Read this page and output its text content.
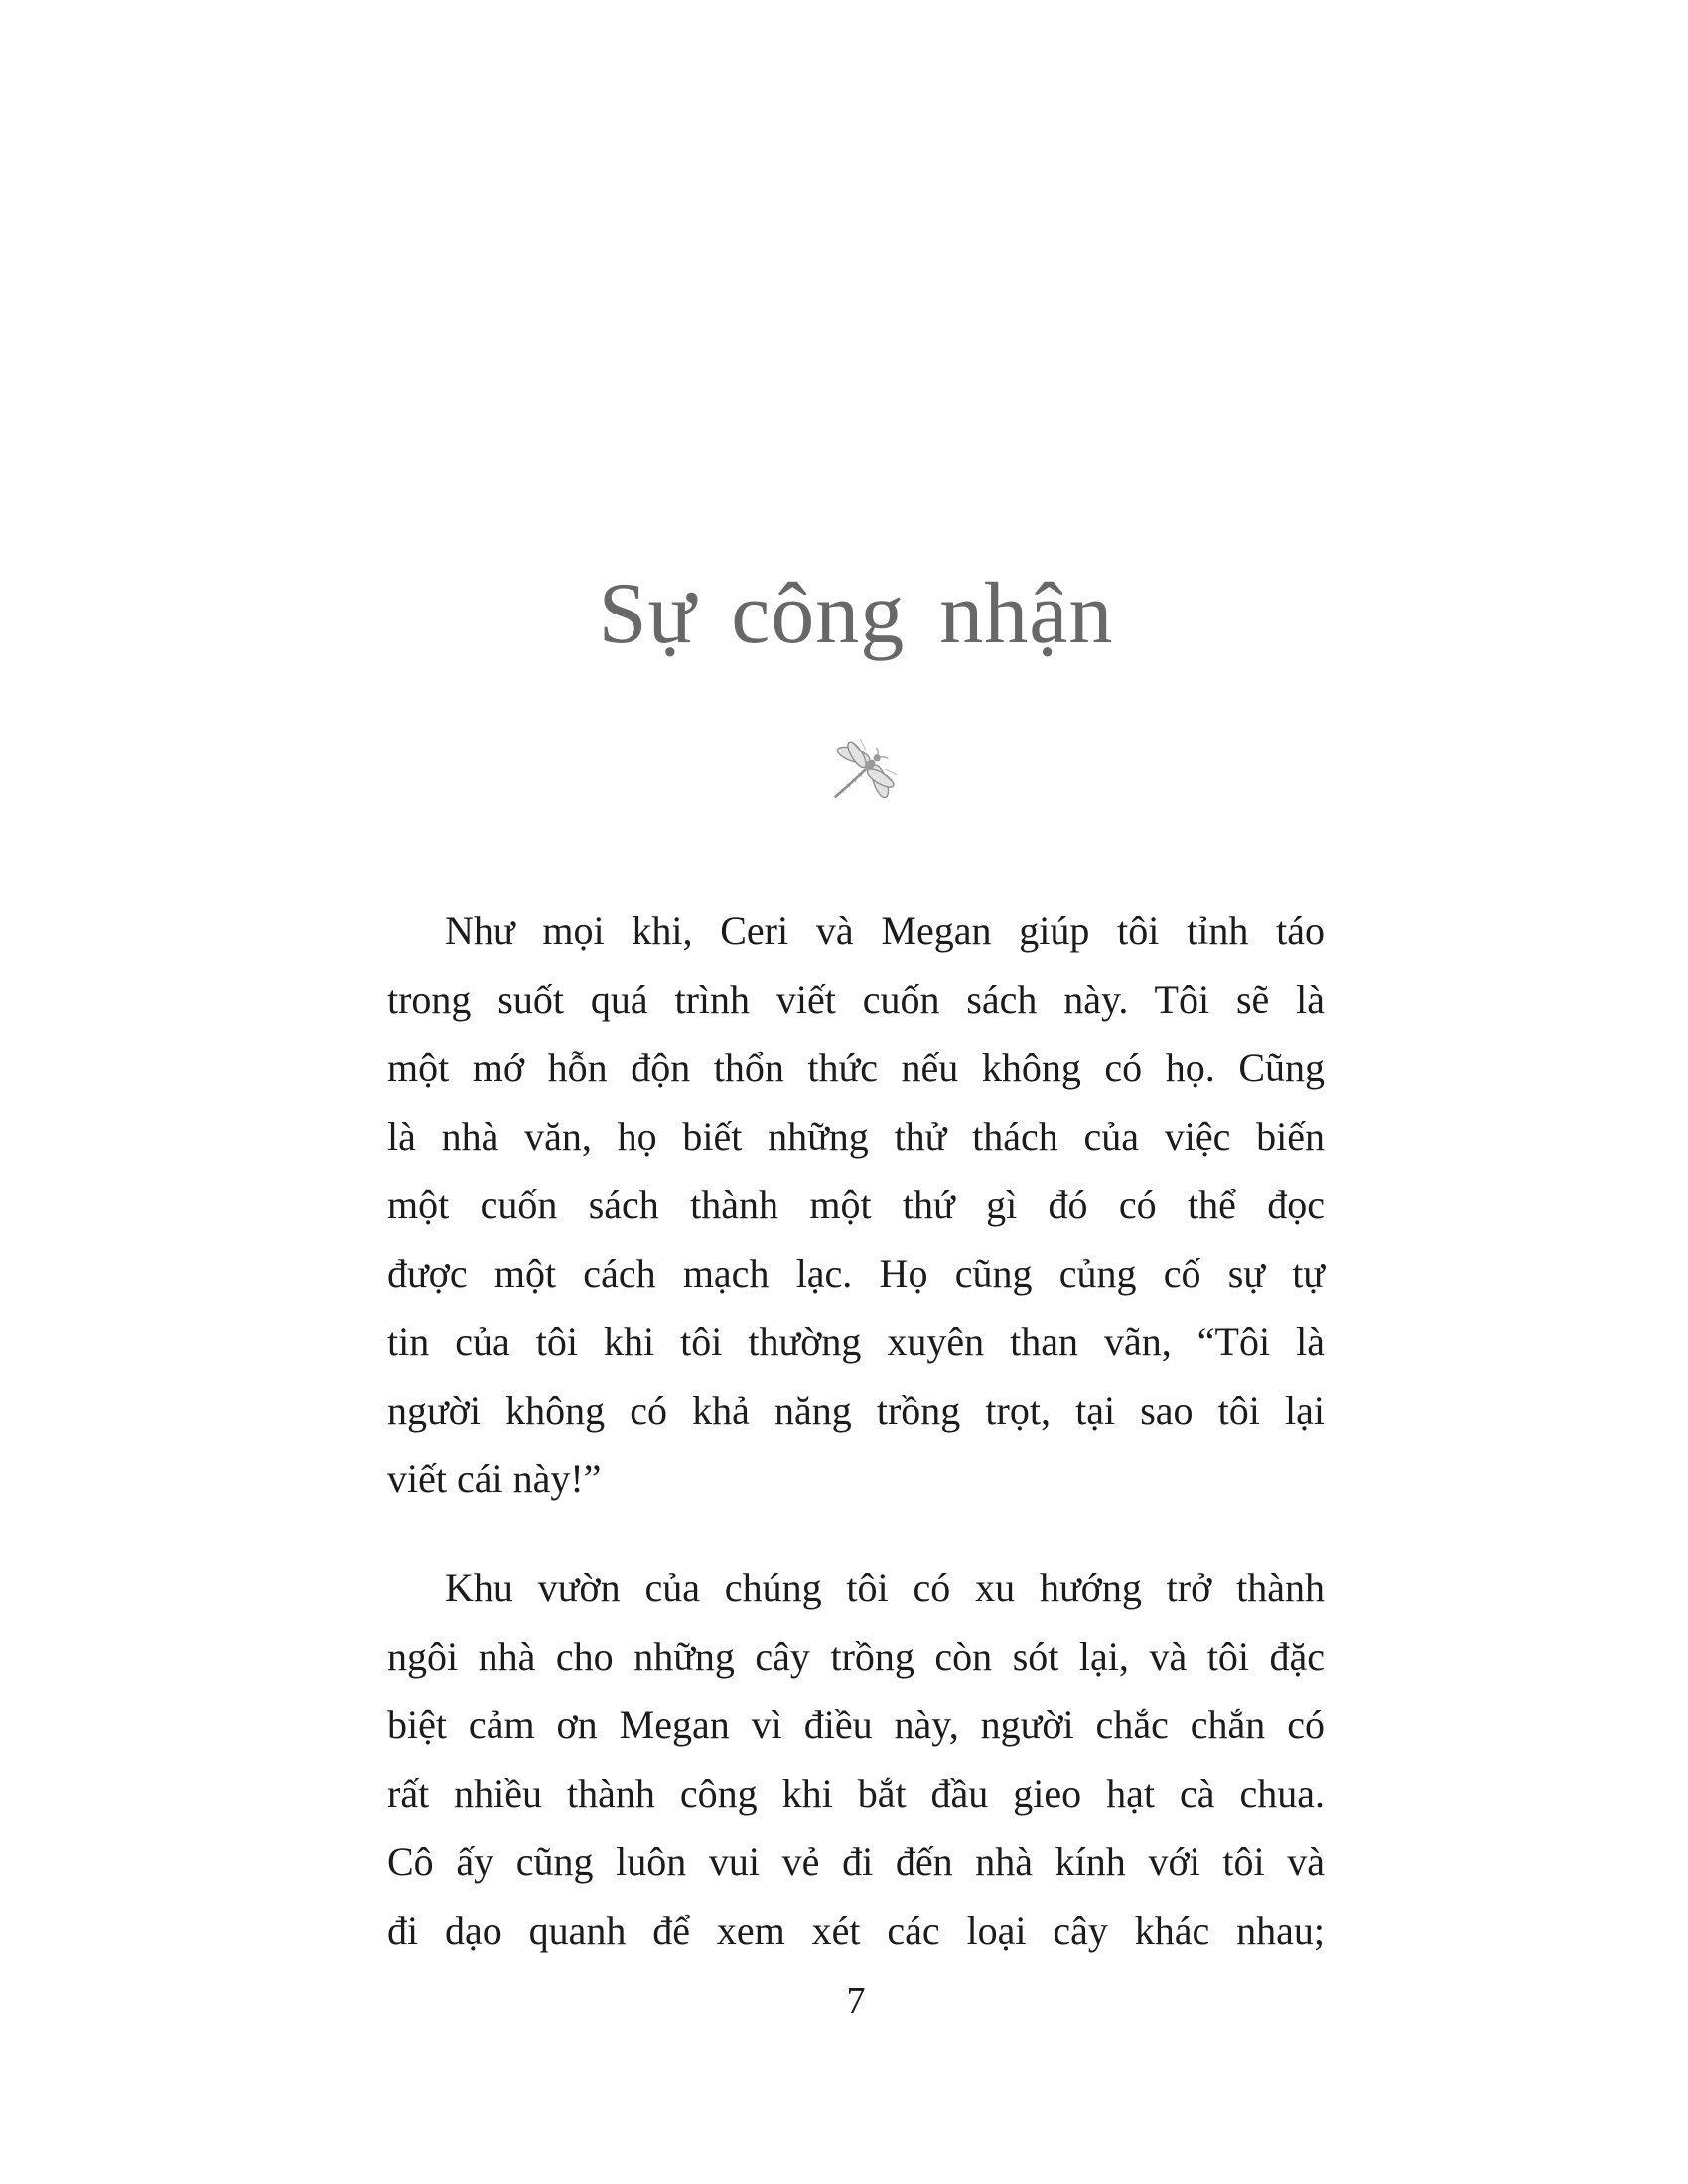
Sự công nhận
Như mọi khi, Ceri và Megan giúp tôi tỉnh táo
trong suốt quá trình viết cuốn sách này. Tôi sẽ là
một mớ hỗn độn thổn thức nếu không có họ. Cũng
là nhà văn, họ biết những thử thách của việc biến
một cuốn sách thành một thứ gì đó có thể đọc
được một cách mạch lạc. Họ cũng củng cố sự tự
tin của tôi khi tôi thường xuyên than vãn, “Tôi là
người không có khả năng trồng trọt, tại sao tôi lại
viết cái này!”
Khu vườn của chúng tôi có xu hướng trở thành
ngôi nhà cho những cây trồng còn sót lại, và tôi đặc
biệt cảm ơn Megan vì điều này, người chắc chắn có
rất nhiều thành công khi bắt đầu gieo hạt cà chua.
Cô ấy cũng luôn vui vẻ đi đến nhà kính với tôi và
đi dạo quanh để xem xét các loại cây khác nhau;
7
